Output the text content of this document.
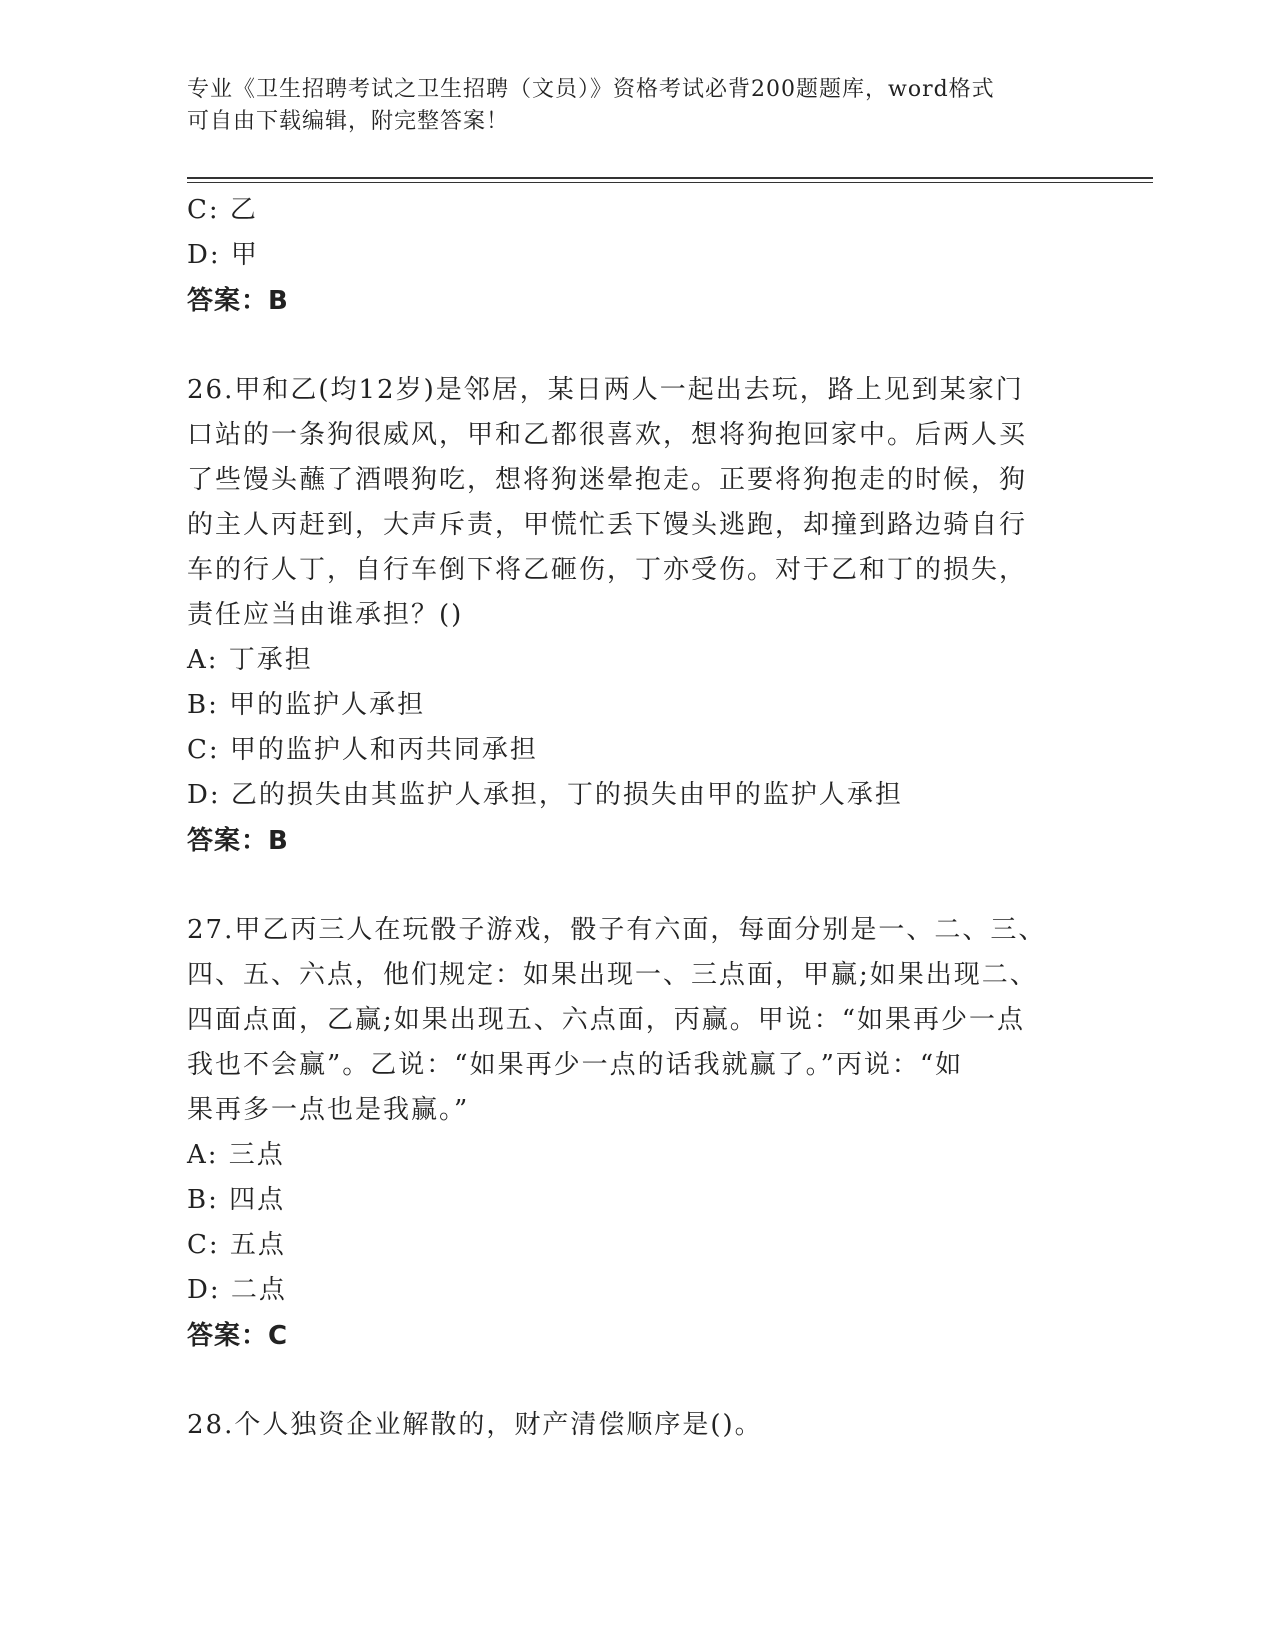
专业《卫生招聘考试之卫生招聘（文员）》资格考试必背200题题库，word格式
可自由下载编辑，附完整答案！
C: 乙
D: 甲
答案：B
26.甲和乙(均12岁)是邻居，某日两人一起出去玩，路上见到某家门
口站的一条狗很威风，甲和乙都很喜欢，想将狗抱回家中。后两人买
了些馒头蘸了酒喂狗吃，想将狗迷晕抱走。正要将狗抱走的时候，狗
的主人丙赶到，大声斥责，甲慌忙丢下馒头逃跑，却撞到路边骑自行
车的行人丁，自行车倒下将乙砸伤，丁亦受伤。对于乙和丁的损失，
责任应当由谁承担？()
A: 丁承担
B: 甲的监护人承担
C: 甲的监护人和丙共同承担
D: 乙的损失由其监护人承担，丁的损失由甲的监护人承担
答案：B
27.甲乙丙三人在玩骰子游戏，骰子有六面，每面分别是一、二、三、
四、五、六点，他们规定：如果出现一、三点面，甲赢;如果出现二、
四面点面，乙赢;如果出现五、六点面，丙赢。甲说：“如果再少一点
我也不会赢”。乙说：“如果再少一点的话我就赢了。”丙说：“如
果再多一点也是我赢。”
A: 三点
B: 四点
C: 五点
D: 二点
答案：C
28.个人独资企业解散的，财产清偿顺序是()。
